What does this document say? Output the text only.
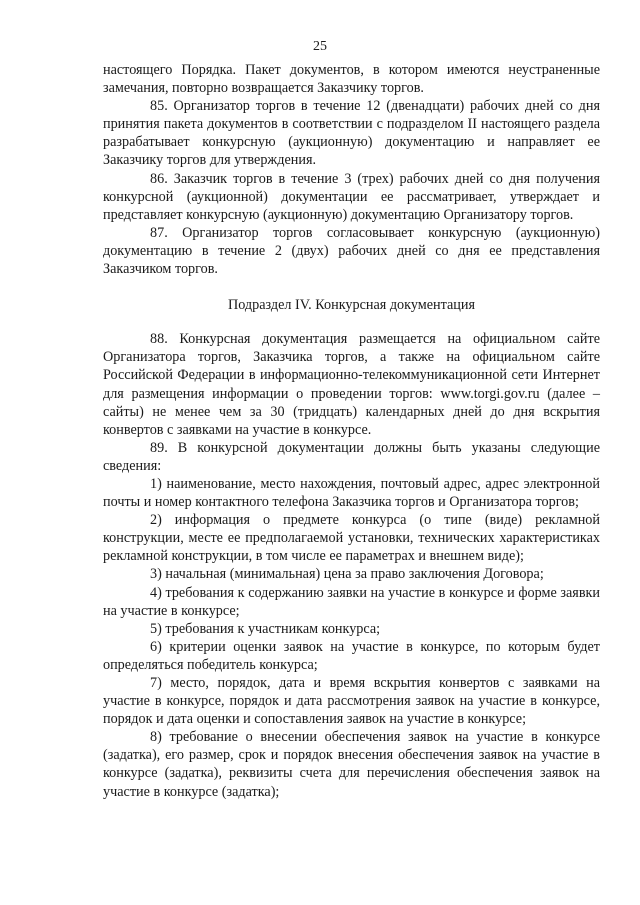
25

настоящего Порядка. Пакет документов, в котором имеются неустраненные замечания, повторно возвращается Заказчику торгов.

85. Организатор торгов в течение 12 (двенадцати) рабочих дней со дня принятия пакета документов в соответствии с подразделом II настоящего раздела разрабатывает конкурсную (аукционную) документацию и направляет ее Заказчику торгов для утверждения.

86. Заказчик торгов в течение 3 (трех) рабочих дней со дня получения конкурсной (аукционной) документации ее рассматривает, утверждает и представляет конкурсную (аукционную) документацию Организатору торгов.

87. Организатор торгов согласовывает конкурсную (аукционную) документацию в течение 2 (двух) рабочих дней со дня ее представления Заказчиком торгов.

Подраздел IV. Конкурсная документация

88. Конкурсная документация размещается на официальном сайте Организатора торгов, Заказчика торгов, а также на официальном сайте Российской Федерации в информационно-телекоммуникационной сети Интернет для размещения информации о проведении торгов: www.torgi.gov.ru (далее – сайты) не менее чем за 30 (тридцать) календарных дней до дня вскрытия конвертов с заявками на участие в конкурсе.

89. В конкурсной документации должны быть указаны следующие сведения:

1) наименование, место нахождения, почтовый адрес, адрес электронной почты и номер контактного телефона Заказчика торгов и Организатора торгов;

2) информация о предмете конкурса (о типе (виде) рекламной конструкции, месте ее предполагаемой установки, технических характеристиках рекламной конструкции, в том числе ее параметрах и внешнем виде);

3) начальная (минимальная) цена за право заключения Договора;

4) требования к содержанию заявки на участие в конкурсе и форме заявки на участие в конкурсе;

5) требования к участникам конкурса;

6) критерии оценки заявок на участие в конкурсе, по которым будет определяться победитель конкурса;

7) место, порядок, дата и время вскрытия конвертов с заявками на участие в конкурсе, порядок и дата рассмотрения заявок на участие в конкурсе, порядок и дата оценки и сопоставления заявок на участие в конкурсе;

8) требование о внесении обеспечения заявок на участие в конкурсе (задатка), его размер, срок и порядок внесения обеспечения заявок на участие в конкурсе (задатка), реквизиты счета для перечисления обеспечения заявок на участие в конкурсе (задатка);
